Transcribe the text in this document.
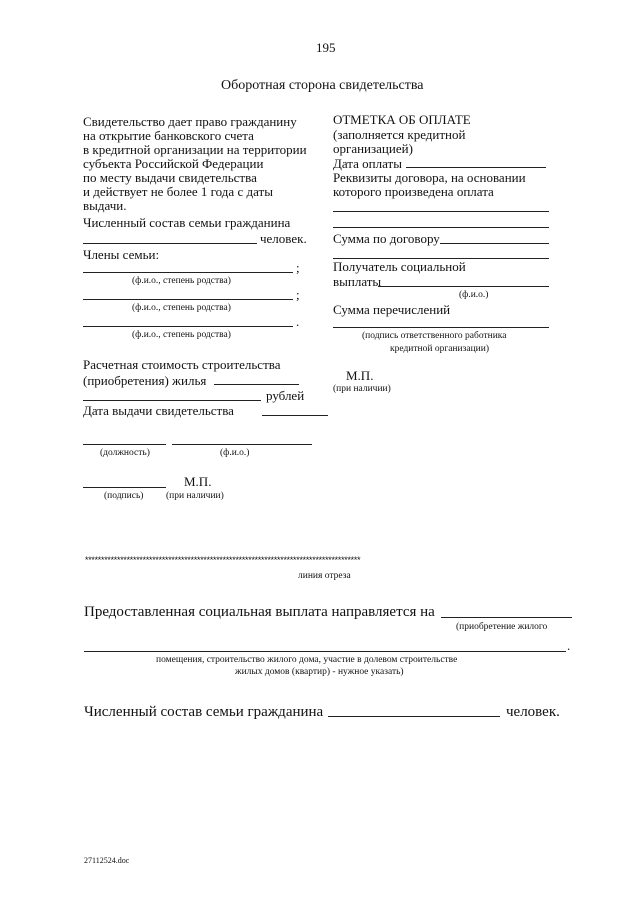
195
Оборотная сторона свидетельства
Свидетельство дает право гражданину
на открытие банковского счета
в кредитной организации на территории
субъекта Российской Федерации
по месту выдачи свидетельства
и действует не более 1 года с даты
выдачи.
Численный состав семьи гражданина
человек.
Члены семьи:
;
(ф.и.о., степень родства)
;
(ф.и.о., степень родства)
.
(ф.и.о., степень родства)
Расчетная стоимость строительства
(приобретения) жилья
рублей
Дата выдачи свидетельства
(должность)	(ф.и.о.)
М.П.
(подпись) (при наличии)
ОТМЕТКА ОБ ОПЛАТЕ
(заполняется кредитной
организацией)
Дата оплаты
Реквизиты договора, на основании
которого произведена оплата
Сумма по договору
Получатель социальной
выплаты
(ф.и.о.)
Сумма перечислений
(подпись ответственного работника
кредитной организации)
М.П.
(при наличии)
**************************************************************************************
линия отреза
Предоставленная социальная выплата направляется на
(приобретение жилого
.
помещения, строительство жилого дома, участие в долевом строительстве
жилых домов (квартир) - нужное указать)
Численный состав семьи гражданина	человек.
27112524.doc
